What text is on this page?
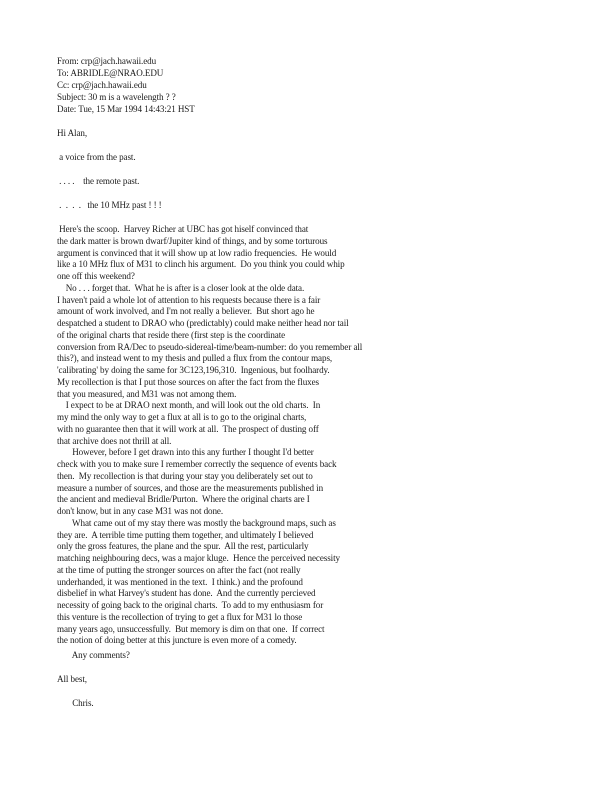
From: crp@jach.hawaii.edu
To: ABRIDLE@NRAO.EDU
Cc: crp@jach.hawaii.edu
Subject: 30 m is a wavelength ? ?
Date: Tue, 15 Mar 1994 14:43:21 HST
Hi Alan,
a voice from the past.
. . . .    the remote past.
.  .  .  .   the 10 MHz past ! ! !
Here's the scoop.  Harvey Richer at UBC has got hiself convinced that
the dark matter is brown dwarf/Jupiter kind of things, and by some torturous
argument is convinced that it will show up at low radio frequencies.  He would
like a 10 MHz flux of M31 to clinch his argument.  Do you think you could whip
one off this weekend?
No . . . forget that.  What he is after is a closer look at the olde data.
I haven't paid a whole lot of attention to his requests because there is a fair
amount of work involved, and I'm not really a believer.  But short ago he
despatched a student to DRAO who (predictably) could make neither head nor tail
of the original charts that reside there (first step is the coordinate
conversion from RA/Dec to pseudo-sidereal-time/beam-number: do you remember all
this?), and instead went to my thesis and pulled a flux from the contour maps,
'calibrating' by doing the same for 3C123,196,310.  Ingenious, but foolhardy.
My recollection is that I put those sources on after the fact from the fluxes
that you measured, and M31 was not among them.
I expect to be at DRAO next month, and will look out the old charts.  In
my mind the only way to get a flux at all is to go to the original charts,
with no guarantee then that it will work at all.  The prospect of dusting off
that archive does not thrill at all.
However, before I get drawn into this any further I thought I'd better
check with you to make sure I remember correctly the sequence of events back
then.  My recollection is that during your stay you deliberately set out to
measure a number of sources, and those are the measurements published in
the ancient and medieval Bridle/Purton.  Where the original charts are I
don't know, but in any case M31 was not done.
What came out of my stay there was mostly the background maps, such as
they are.  A terrible time putting them together, and ultimately I believed
only the gross features, the plane and the spur.  All the rest, particularly
matching neighbouring decs, was a major kluge.  Hence the perceived necessity
at the time of putting the stronger sources on after the fact (not really
underhanded, it was mentioned in the text.  I think.) and the profound
disbelief in what Harvey's student has done.  And the currently percieved
necessity of going back to the original charts.  To add to my enthusiasm for
this venture is the recollection of trying to get a flux for M31 lo those
many years ago, unsuccessfully.  But memory is dim on that one.  If correct
the notion of doing better at this juncture is even more of a comedy.
Any comments?
All best,
Chris.
